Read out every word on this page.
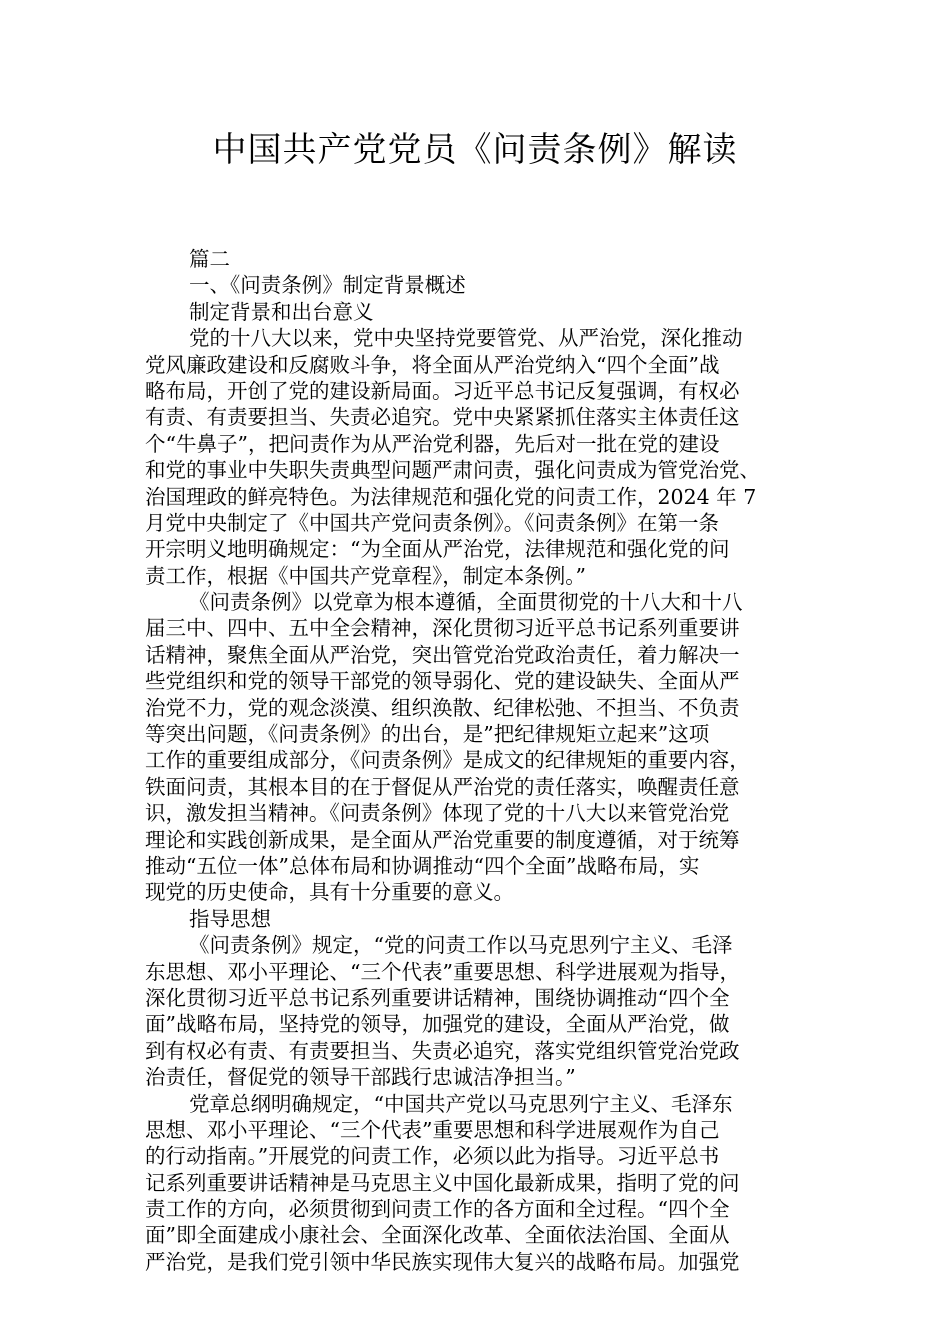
中国共产党党员《问责条例》解读
篇二
一、《问责条例》制定背景概述
制定背景和出台意义
党的十八大以来，党中央坚持党要管党、从严治党，深化推动
党风廉政建设和反腐败斗争，将全面从严治党纳入“四个全面”战
略布局，开创了党的建设新局面。习近平总书记反复强调，有权必
有责、有责要担当、失责必追究。党中央紧紧抓住落实主体责任这
个“牛鼻子”，把问责作为从严治党利器，先后对一批在党的建设
和党的事业中失职失责典型问题严肃问责，强化问责成为管党治党、
治国理政的鲜亮特色。为法律规范和强化党的问责工作，2024 年 7
月党中央制定了《中国共产党问责条例》。《问责条例》在第一条
开宗明义地明确规定：“为全面从严治党，法律规范和强化党的问
责工作，根据《中国共产党章程》，制定本条例。”
《问责条例》以党章为根本遵循，全面贯彻党的十八大和十八
届三中、四中、五中全会精神，深化贯彻习近平总书记系列重要讲
话精神，聚焦全面从严治党，突出管党治党政治责任，着力解决一
些党组织和党的领导干部党的领导弱化、党的建设缺失、全面从严
治党不力，党的观念淡漠、组织涣散、纪律松弛、不担当、不负责
等突出问题，《问责条例》的出台，是”把纪律规矩立起来”这项
工作的重要组成部分，《问责条例》是成文的纪律规矩的重要内容，
铁面问责，其根本目的在于督促从严治党的责任落实，唤醒责任意
识，激发担当精神。《问责条例》体现了党的十八大以来管党治党
理论和实践创新成果，是全面从严治党重要的制度遵循，对于统筹
推动“五位一体”总体布局和协调推动“四个全面”战略布局，实
现党的历史使命，具有十分重要的意义。
指导思想
《问责条例》规定，“党的问责工作以马克思列宁主义、毛泽
东思想、邓小平理论、“三个代表”重要思想、科学进展观为指导，
深化贯彻习近平总书记系列重要讲话精神，围绕协调推动“四个全
面”战略布局，坚持党的领导，加强党的建设，全面从严治党，做
到有权必有责、有责要担当、失责必追究，落实党组织管党治党政
治责任，督促党的领导干部践行忠诚洁净担当。”
党章总纲明确规定，“中国共产党以马克思列宁主义、毛泽东
思想、邓小平理论、“三个代表”重要思想和科学进展观作为自己
的行动指南。”开展党的问责工作，必须以此为指导。习近平总书
记系列重要讲话精神是马克思主义中国化最新成果，指明了党的问
责工作的方向，必须贯彻到问责工作的各方面和全过程。“四个全
面”即全面建成小康社会、全面深化改革、全面依法治国、全面从
严治党，是我们党引领中华民族实现伟大复兴的战略布局。加强党
